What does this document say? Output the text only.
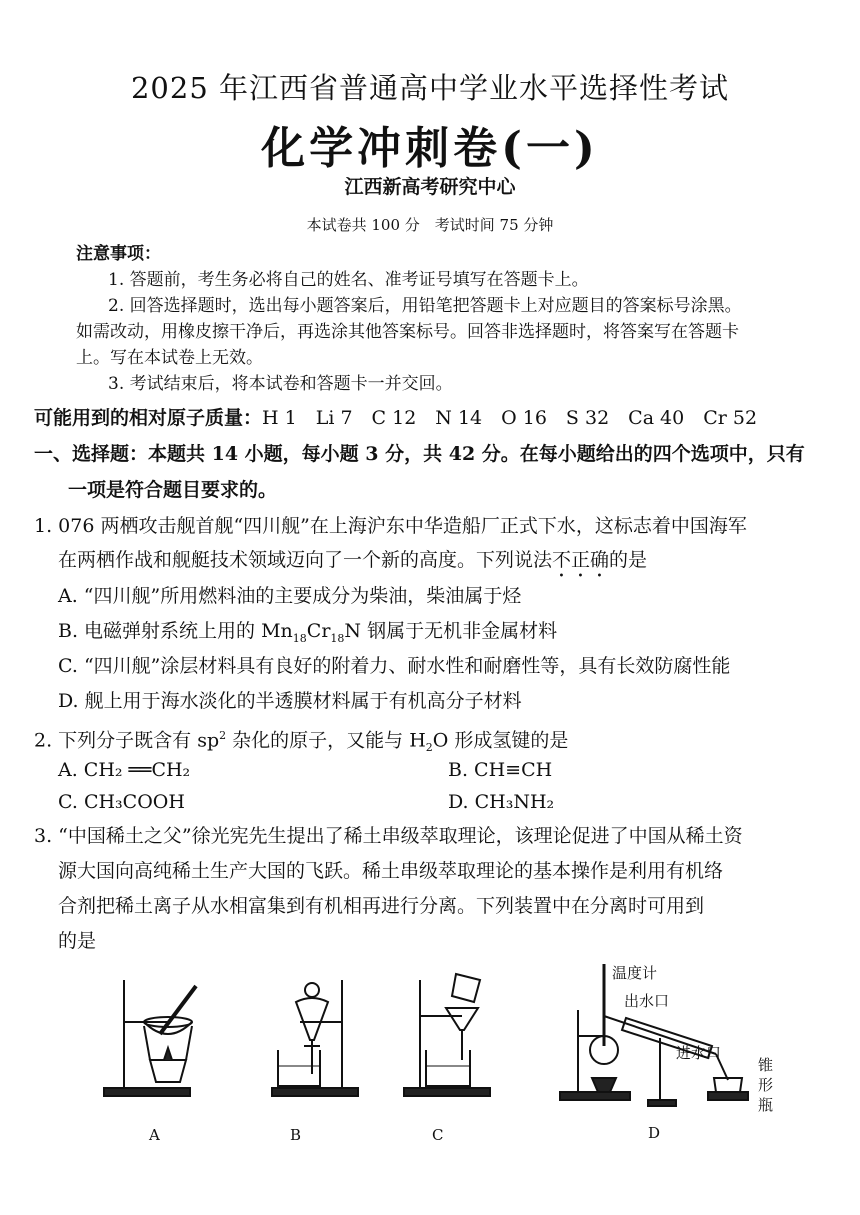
2025 年江西省普通高中学业水平选择性考试
化学冲刺卷(一)
江西新高考研究中心
本试卷共 100 分　考试时间 75 分钟
注意事项：
1. 答题前，考生务必将自己的姓名、准考证号填写在答题卡上。
2. 回答选择题时，选出每小题答案后，用铅笔把答题卡上对应题目的答案标号涂黑。
如需改动，用橡皮擦干净后，再选涂其他答案标号。回答非选择题时，将答案写在答题卡
上。写在本试卷上无效。
3. 考试结束后，将本试卷和答题卡一并交回。
可能用到的相对原子质量：H 1　Li 7　C 12　N 14　O 16　S 32　Ca 40　Cr 52
一、选择题：本题共 14 小题，每小题 3 分，共 42 分。在每小题给出的四个选项中，只有
一项是符合题目要求的。
1. 076 两栖攻击舰首舰“四川舰”在上海沪东中华造船厂正式下水，这标志着中国海军
在两栖作战和舰艇技术领域迈向了一个新的高度。下列说法不正确的是
A. “四川舰”所用燃料油的主要成分为柴油，柴油属于烃
B. 电磁弹射系统上用的 $Mn_{18}Cr_{18}N$ 钢属于无机非金属材料
C. “四川舰”涂层材料具有良好的附着力、耐水性和耐磨性等，具有长效防腐性能
D. 舰上用于海水淡化的半透膜材料属于有机高分子材料
2. 下列分子既含有 $sp^2$ 杂化的原子，又能与 $H_2O$ 形成氢键的是
A. CH₂ ══CH₂	B. CH≡CH
C. CH₃COOH	D. CH₃NH₂
3. “中国稀土之父”徐光宪先生提出了稀土串级萃取理论，该理论促进了中国从稀土资
源大国向高纯稀土生产大国的飞跃。稀土串级萃取理论的基本操作是利用有机络
合剂把稀土离子从水相富集到有机相再进行分离。下列装置中在分离时可用到
的是
A	B	C	D
温度计
出水口
进水口
锥
形
瓶
